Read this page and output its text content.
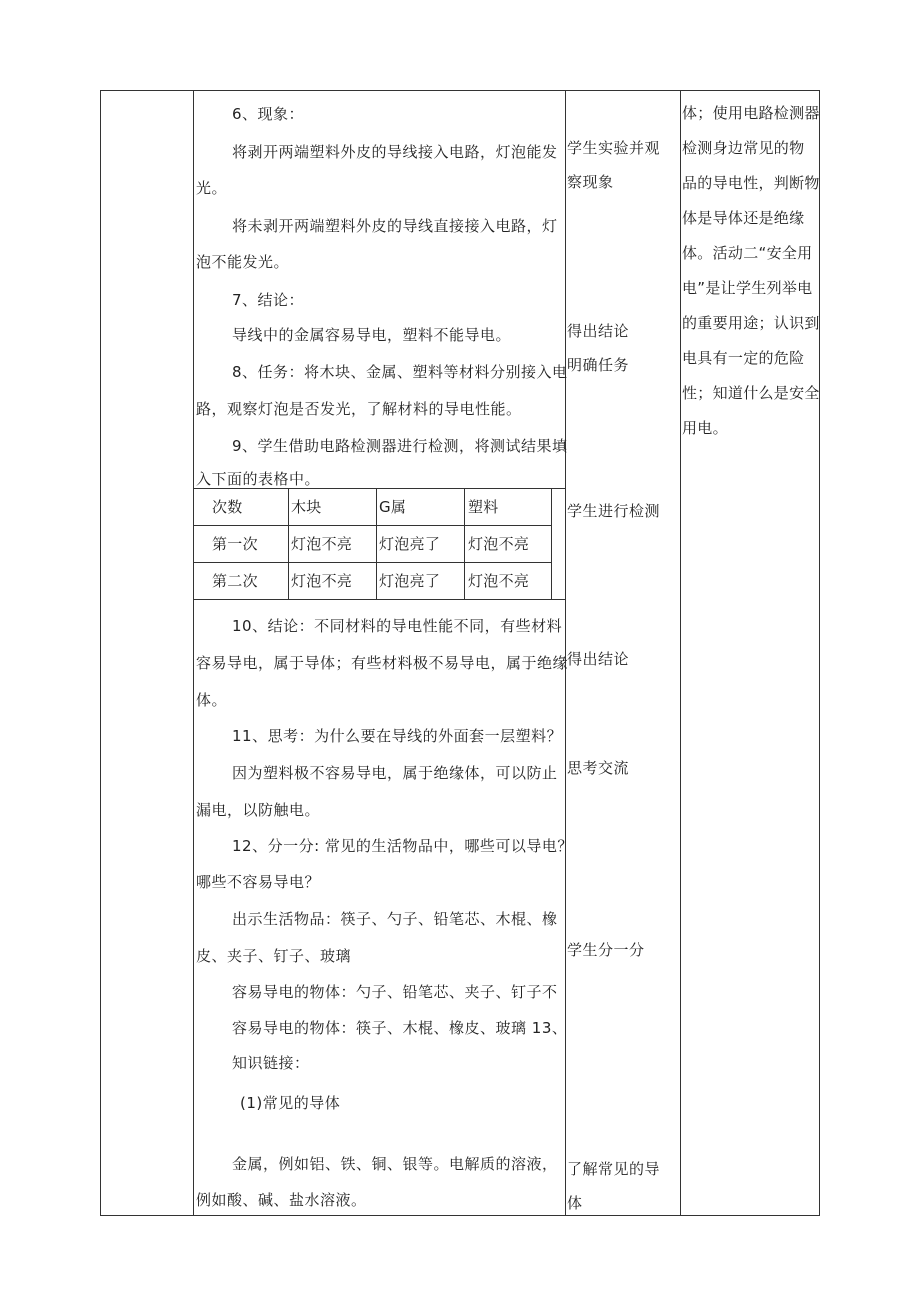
6、现象：
将剥开两端塑料外皮的导线接入电路，灯泡能发
光。
将未剥开两端塑料外皮的导线直接接入电路，灯
泡不能发光。
7、结论：
导线中的金属容易导电，塑料不能导电。
8、任务：将木块、金属、塑料等材料分别接入电
路，观察灯泡是否发光，了解材料的导电性能。
9、学生借助电路检测器进行检测，将测试结果填
入下面的表格中。
次数	木块	G属	塑料
第一次 灯泡不亮 灯泡亮了 灯泡不亮
第二次 灯泡不亮 灯泡亮了 灯泡不亮
10、结论：不同材料的导电性能不同，有些材料
容易导电，属于导体；有些材料极不易导电，属于绝缘
体。
11、思考：为什么要在导线的外面套一层塑料？
因为塑料极不容易导电，属于绝缘体，可以防止
漏电，以防触电。
12、分一分: 常见的生活物品中，哪些可以导电？
哪些不容易导电？
出示生活物品：筷子、勺子、铅笔芯、木棍、橡
皮、夹子、钉子、玻璃
容易导电的物体：勺子、铅笔芯、夹子、钉子不
容易导电的物体：筷子、木棍、橡皮、玻璃 13、
知识链接：
(1)常见的导体
金属，例如铝、铁、铜、银等。电解质的溶液，
例如酸、碱、盐水溶液。
学生实验并观
察现象
得出结论
明确任务
学生进行检测
得出结论
思考交流
学生分一分
了解常见的导
体
体；使用电路检测器
检测身边常见的物
品的导电性，判断物
体是导体还是绝缘
体。活动二“安全用
电”是让学生列举电
的重要用途；认识到
电具有一定的危险
性；知道什么是安全
用电。
